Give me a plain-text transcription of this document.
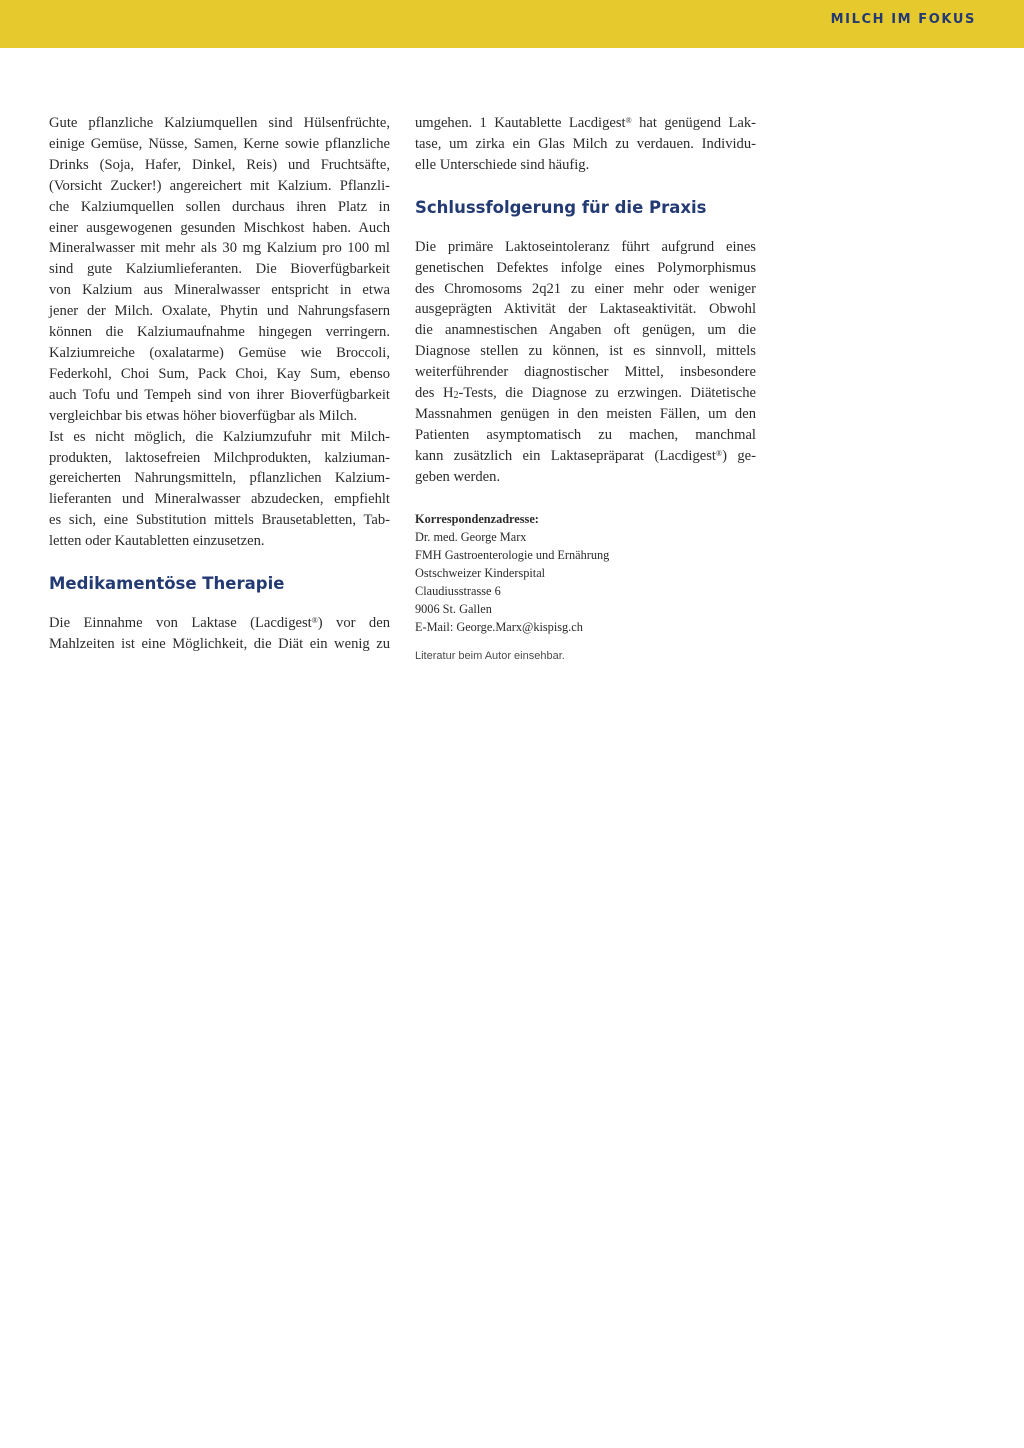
MILCH IM FOKUS
Gute pflanzliche Kalziumquellen sind Hülsenfrüchte,
einige Gemüse, Nüsse, Samen, Kerne sowie pflanzliche
Drinks (Soja, Hafer, Dinkel, Reis) und Fruchtsäfte,
(Vorsicht Zucker!) angereichert mit Kalzium. Pflanzli-
che Kalziumquellen sollen durchaus ihren Platz in
einer ausgewogenen gesunden Mischkost haben. Auch
Mineralwasser mit mehr als 30 mg Kalzium pro 100 ml
sind gute Kalziumlieferanten. Die Bioverfügbarkeit
von Kalzium aus Mineralwasser entspricht in etwa
jener der Milch. Oxalate, Phytin und Nahrungsfasern
können die Kalziumaufnahme hingegen verringern.
Kalziumreiche (oxalatarme) Gemüse wie Broccoli,
Federkohl, Choi Sum, Pack Choi, Kay Sum, ebenso
auch Tofu und Tempeh sind von ihrer Bioverfügbarkeit
vergleichbar bis etwas höher bioverfügbar als Milch.
Ist es nicht möglich, die Kalziumzufuhr mit Milch-
produkten, laktosefreien Milchprodukten, kalziuman-
gereicherten Nahrungsmitteln, pflanzlichen Kalzium-
lieferanten und Mineralwasser abzudecken, empfiehlt
es sich, eine Substitution mittels Brausetabletten, Tab-
letten oder Kautabletten einzusetzen.
Medikamentöse Therapie
Die Einnahme von Laktase (Lacdigest®) vor den
Mahlzeiten ist eine Möglichkeit, die Diät ein wenig zu
umgehen. 1 Kautablette Lacdigest® hat genügend Lak-
tase, um zirka ein Glas Milch zu verdauen. Individu-
elle Unterschiede sind häufig.
Schlussfolgerung für die Praxis
Die primäre Laktoseintoleranz führt aufgrund eines
genetischen Defektes infolge eines Polymorphismus
des Chromosoms 2q21 zu einer mehr oder weniger
ausgeprägten Aktivität der Laktaseaktivität. Obwohl
die anamnestischen Angaben oft genügen, um die
Diagnose stellen zu können, ist es sinnvoll, mittels
weiterführender diagnostischer Mittel, insbesondere
des $H_2$-Tests, die Diagnose zu erzwingen. Diätetische
Massnahmen genügen in den meisten Fällen, um den
Patienten asymptomatisch zu machen, manchmal
kann zusätzlich ein Laktasepräparat (Lacdigest®) ge-
geben werden.
Korrespondenzadresse:
Dr. med. George Marx
FMH Gastroenterologie und Ernährung
Ostschweizer Kinderspital
Claudiusstrasse 6
9006 St. Gallen
E-Mail: George.Marx@kispisg.ch
Literatur beim Autor einsehbar.
